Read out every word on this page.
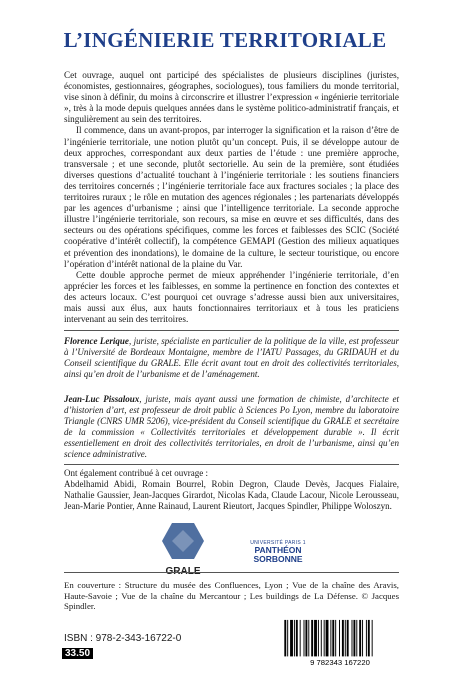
L’INGÉNIERIE TERRITORIALE

Cet ouvrage, auquel ont participé des spécialistes de plusieurs disciplines (juristes, économistes, gestionnaires, géographes, sociologues), tous familiers du monde territorial, vise sinon à définir, du moins à circonscrire et illustrer l’expression « ingénierie territoriale », très à la mode depuis quelques années dans le système politico-administratif français, et singulièrement au sein des territoires.

Il commence, dans un avant-propos, par interroger la signification et la raison d’être de l’ingénierie territoriale, une notion plutôt qu’un concept. Puis, il se développe autour de deux approches, correspondant aux deux parties de l’étude : une première approche, transversale ; et une seconde, plutôt sectorielle. Au sein de la première, sont étudiées diverses questions d’actualité touchant à l’ingénierie territoriale : les soutiens financiers des territoires concernés ; l’ingénierie territoriale face aux fractures sociales ; la place des territoires ruraux ; le rôle en mutation des agences régionales ; les partenariats développés par les agences d’urbanisme ; ainsi que l’intelligence territoriale. La seconde approche illustre l’ingénierie territoriale, son recours, sa mise en œuvre et ses difficultés, dans des secteurs ou des opérations spécifiques, comme les forces et faiblesses des SCIC (Société coopérative d’intérêt collectif), la compétence GEMAPI (Gestion des milieux aquatiques et prévention des inondations), le domaine de la culture, le secteur touristique, ou encore l’opération d’intérêt national de la plaine du Var.

Cette double approche permet de mieux appréhender l’ingénierie territoriale, d’en apprécier les forces et les faiblesses, en somme la pertinence en fonction des contextes et des acteurs locaux. C’est pourquoi cet ouvrage s’adresse aussi bien aux universitaires, mais aussi aux élus, aux hauts fonctionnaires territoriaux et à tous les praticiens intervenant au sein des territoires.

Florence Lerique, juriste, spécialiste en particulier de la politique de la ville, est professeur à l’Université de Bordeaux Montaigne, membre de l’IATU Passages, du GRIDAUH et du Conseil scientifique du GRALE. Elle écrit avant tout en droit des collectivités territoriales, ainsi qu’en droit de l’urbanisme et de l’aménagement.

Jean-Luc Pissaloux, juriste, mais ayant aussi une formation de chimiste, d’architecte et d’historien d’art, est professeur de droit public à Sciences Po Lyon, membre du laboratoire Triangle (CNRS UMR 5206), vice-président du Conseil scientifique du GRALE et secrétaire de la commission « Collectivités territoriales et développement durable ». Il écrit essentiellement en droit des collectivités territoriales, en droit de l’urbanisme, ainsi qu’en science administrative.

Ont également contribué à cet ouvrage :
Abdelhamid Abidi, Romain Bourrel, Robin Degron, Claude Devès, Jacques Fialaire, Nathalie Gaussier, Jean-Jacques Girardot, Nicolas Kada, Claude Lacour, Nicole Lerousseau, Jean-Marie Pontier, Anne Rainaud, Laurent Rieutort, Jacques Spindler, Philippe Woloszyn.

GRALE
UNIVERSITÉ PARIS 1
PANTHÉON SORBONNE

En couverture : Structure du musée des Confluences, Lyon ; Vue de la chaîne des Aravis, Haute-Savoie ; Vue de la chaîne du Mercantour ; Les buildings de La Défense. © Jacques Spindler.

ISBN : 978-2-343-16722-0

33.50
9 782343 167220
